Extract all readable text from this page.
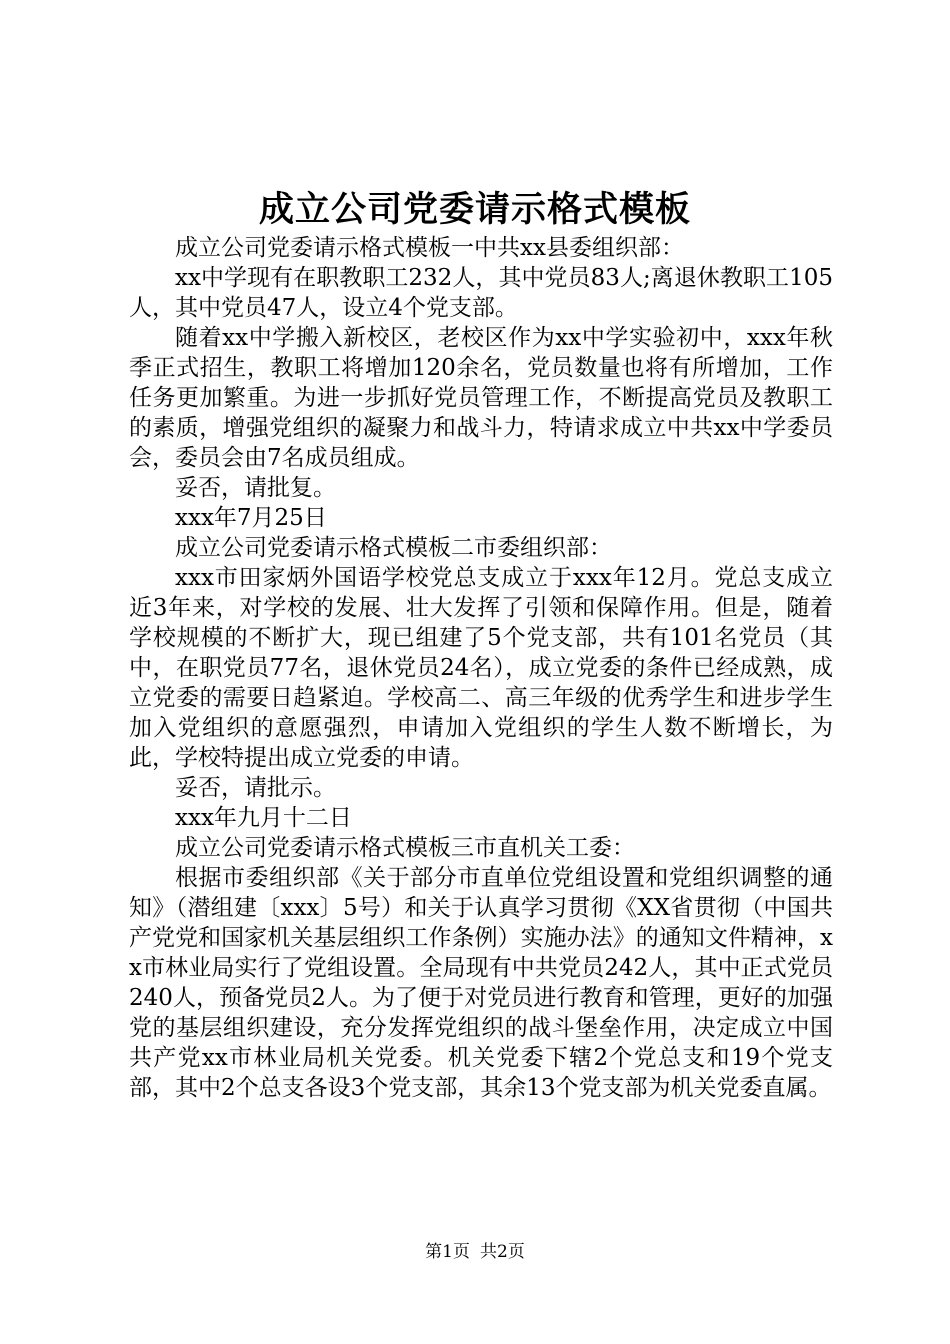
成立公司党委请示格式模板

成立公司党委请示格式模板一中共xx县委组织部：

xx中学现有在职教职工232人，其中党员83人;离退休教职工105人，其中党员47人，设立4个党支部。

随着xx中学搬入新校区，老校区作为xx中学实验初中，xxx年秋季正式招生，教职工将增加120余名，党员数量也将有所增加，工作任务更加繁重。为进一步抓好党员管理工作，不断提高党员及教职工的素质，增强党组织的凝聚力和战斗力，特请求成立中共xx中学委员会，委员会由7名成员组成。

妥否，请批复。

xxx年7月25日

成立公司党委请示格式模板二市委组织部：

xxx市田家炳外国语学校党总支成立于xxx年12月。党总支成立近3年来，对学校的发展、壮大发挥了引领和保障作用。但是，随着学校规模的不断扩大，现已组建了5个党支部，共有101名党员（其中，在职党员77名，退休党员24名），成立党委的条件已经成熟，成立党委的需要日趋紧迫。学校高二、高三年级的优秀学生和进步学生加入党组织的意愿强烈，申请加入党组织的学生人数不断增长，为此，学校特提出成立党委的申请。

妥否，请批示。

xxx年九月十二日

成立公司党委请示格式模板三市直机关工委：

根据市委组织部《关于部分市直单位党组设置和党组织调整的通知》（潜组建〔xxx〕5号）和关于认真学习贯彻《XX省贯彻（中国共产党党和国家机关基层组织工作条例）实施办法》的通知文件精神，xx市林业局实行了党组设置。全局现有中共党员242人，其中正式党员240人，预备党员2人。为了便于对党员进行教育和管理，更好的加强党的基层组织建设，充分发挥党组织的战斗堡垒作用，决定成立中国共产党xx市林业局机关党委。机关党委下辖2个党总支和19个党支部，其中2个总支各设3个党支部，其余13个党支部为机关党委直属。

第1页 共2页
